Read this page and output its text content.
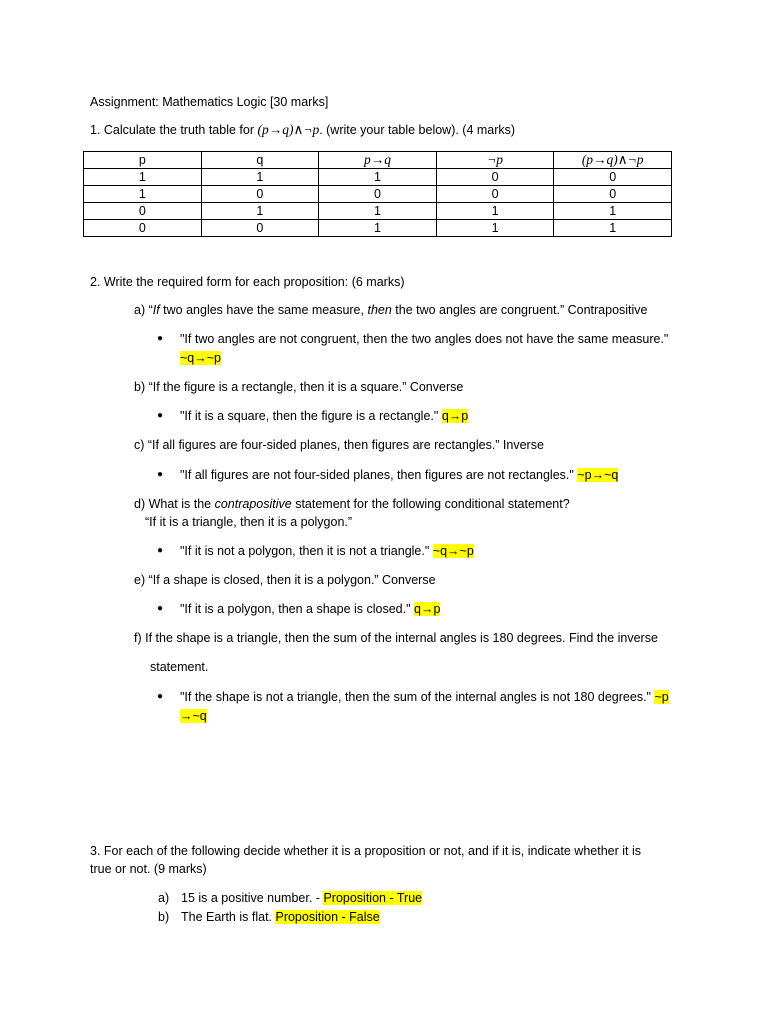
Assignment: Mathematics Logic [30 marks]
1. Calculate the truth table for (p→q)∧¬p. (write your table below). (4 marks)
p	q	p→q	¬p	(p→q)∧¬p
1	1	1	0	0
1	0	0	0	0
0	1	1	1	1
0	0	1	1	1
2. Write the required form for each proposition: (6 marks)
a) “If two angles have the same measure, then the two angles are congruent.” Contrapositive
● "If two angles are not congruent, then the two angles does not have the same measure."
~q→~p
b) “If the figure is a rectangle, then it is a square.” Converse
● "If it is a square, then the figure is a rectangle." q→p
c) “If all figures are four-sided planes, then figures are rectangles.” Inverse
● "If all figures are not four-sided planes, then figures are not rectangles." ~p→~q
d) What is the contrapositive statement for the following conditional statement?
“If it is a triangle, then it is a polygon.”
● "If it is not a polygon, then it is not a triangle." ~q→~p
e) “If a shape is closed, then it is a polygon.” Converse
● "If it is a polygon, then a shape is closed." q→p
f) If the shape is a triangle, then the sum of the internal angles is 180 degrees. Find the inverse
statement.
● "If the shape is not a triangle, then the sum of the internal angles is not 180 degrees." ~p
→~q
3. For each of the following decide whether it is a proposition or not, and if it is, indicate whether it is
true or not. (9 marks)
a) 15 is a positive number. - Proposition - True
b) The Earth is flat. Proposition - False
